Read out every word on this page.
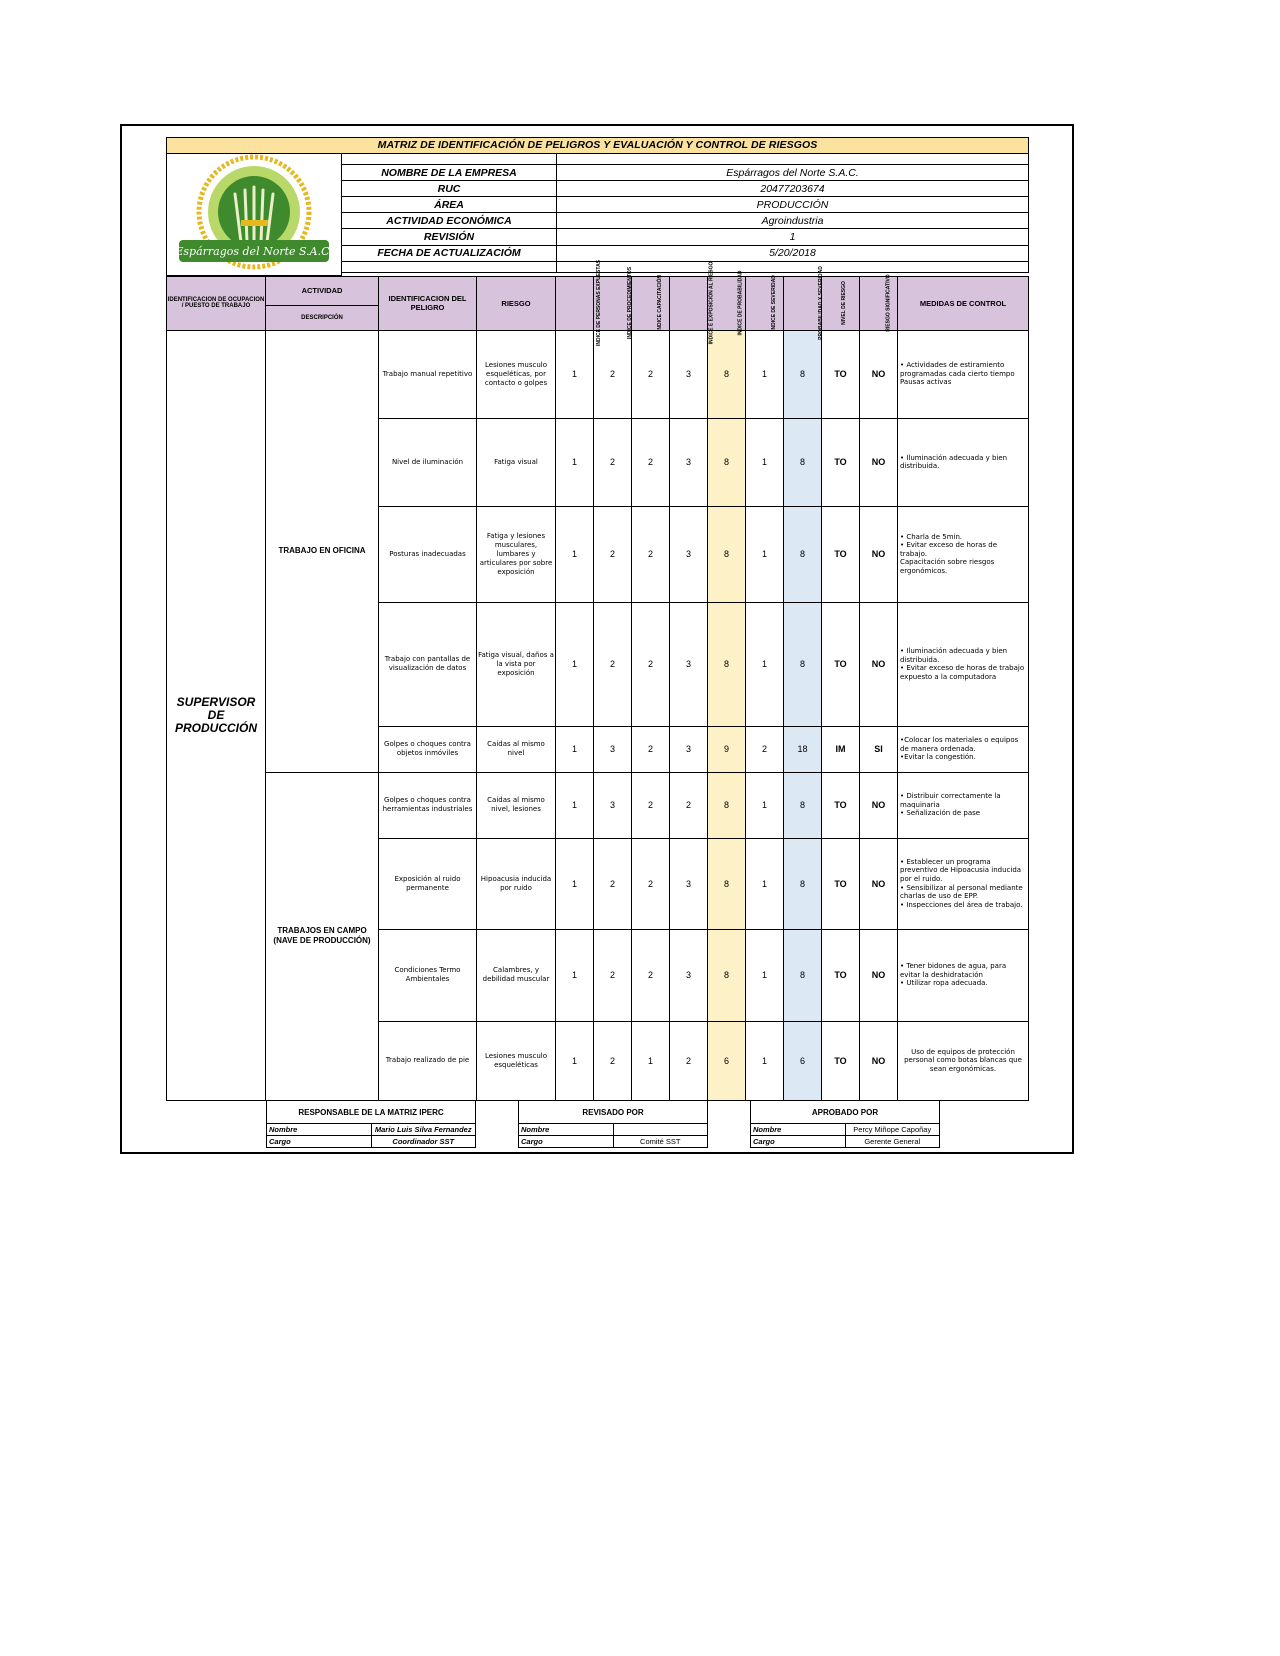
MATRIZ DE IDENTIFICACIÓN DE PELIGROS Y EVALUACIÓN Y CONTROL DE RIESGOS		

Espárragos del Norte S.A.C.		

	NOMBRE DE LA EMPRESA	Espárragos del Norte S.A.C.
	RUC	20477203674
	ÁREA	PRODUCCIÓN
	ACTIVIDAD ECONÓMICA	Agroindustria
	REVISIÓN	1
	FECHA DE ACTUALIZACIÓM	5/20/2018

IDENTIFICACION DE OCUPACION / PUESTO DE TRABAJO	ACTIVIDAD	IDENTIFICACION DEL PELIGRO	RIESGO	INDICE DE PERSONAS EXPUESTAS	INDICE DE PROCEDIMIENTOS	INDICE CAPACITACIÓN	INDICE E EXPOSICIÓN AL RIESGO	INDICE DE PROBABILIDAD	INDICE DE SEVERIDAD	PROBABILIDAD X SEVERIDAD	NIVEL DE RIESGO	RIESGO SIGNIFICATIVO	MEDIDAS DE CONTROL
	DESCRIPCIÓN												
SUPERVISOR DE PRODUCCIÓN	TRABAJO EN OFICINA	Trabajo manual repetitivo	Lesiones musculo esqueléticas, por contacto o golpes	1	2	2	3	8	1	8	TO	NO	• Actividades de estiramiento programadas cada cierto tiempo
Pausas activas

		Nivel de iluminación	Fatiga visual	1	2	2	3	8	1	8	TO	NO	• Iluminación adecuada y bien distribuida.

		Posturas inadecuadas	Fatiga y lesiones musculares, lumbares y articulares por sobre exposición	1	2	2	3	8	1	8	TO	NO	• Charla de 5min.
• Evitar exceso de horas de trabajo.
Capacitación sobre riesgos ergonómicos.

		Trabajo con pantallas de visualización de datos	Fatiga visual, daños a la vista por exposición	1	2	2	3	8	1	8	TO	NO	• Iluminación adecuada y bien distribuida.
• Evitar exceso de horas de trabajo expuesto a la computadora

		Golpes o choques contra objetos inmóviles	Caídas al mismo nivel	1	3	2	3	9	2	18	IM	SI	•Colocar los materiales o equipos de manera ordenada.
•Evitar la congestión.

	TRABAJOS EN CAMPO (NAVE DE PRODUCCIÓN)	Golpes o choques contra herramientas industriales	Caídas al mismo nivel, lesiones	1	3	2	2	8	1	8	TO	NO	• Distribuir correctamente la maquinaria
• Señalización de pase

		Exposición al ruido permanente	Hipoacusia inducida por ruido	1	2	2	3	8	1	8	TO	NO	• Establecer un programa preventivo de Hipoacusia inducida por el ruido.
• Sensibilizar al personal mediante charlas de uso de EPP.
• Inspecciones del área de trabajo.

		Condiciones Termo Ambientales	Calambres, y debilidad muscular	1	2	2	3	8	1	8	TO	NO	• Tener bidones de agua, para evitar la deshidratación
• Utilizar ropa adecuada.

		Trabajo realizado de pie	Lesiones musculo esqueléticas	1	2	1	2	6	1	6	TO	NO	Uso de equipos de protección personal como botas blancas que sean ergonómicas.
RESPONSABLE DE LA MATRIZ IPERC	
Nombre	Mario Luis Silva Fernandez
Cargo	Coordinador SST
REVISADO POR	
Nombre	
Cargo	Comité SST
APROBADO POR	
Nombre	Percy Miñope Capoñay
Cargo	Gerente General
